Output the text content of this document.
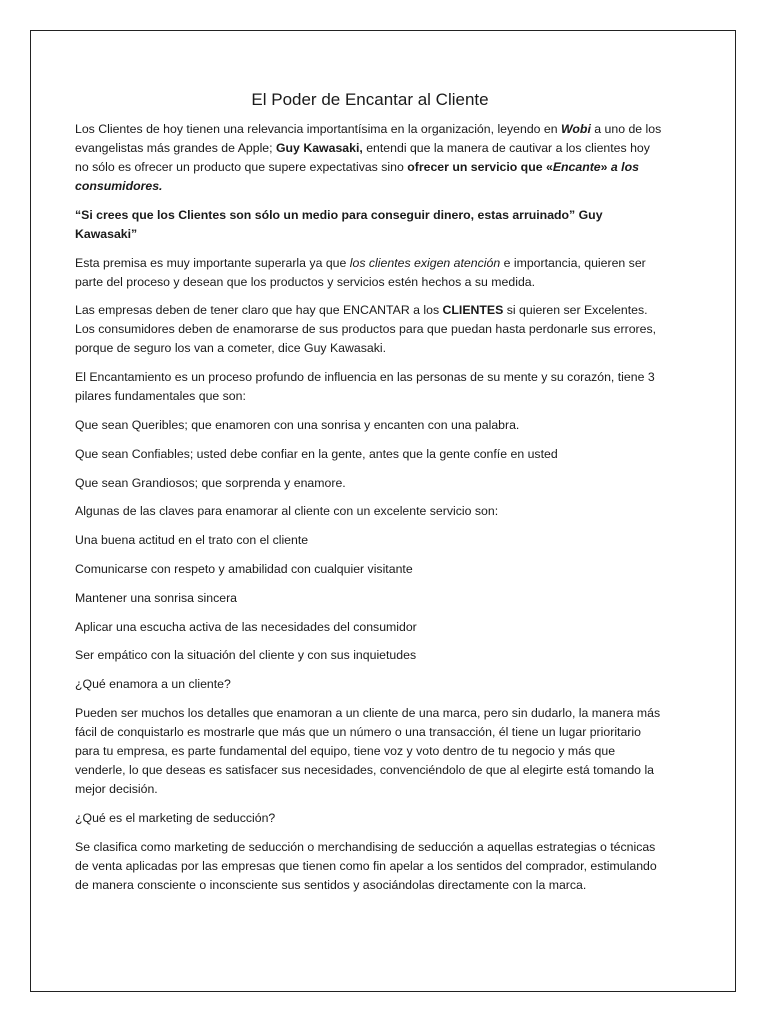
El Poder de Encantar al Cliente

Los Clientes de hoy tienen una relevancia importantísima en la organización, leyendo en Wobi a uno de los evangelistas más grandes de Apple; Guy Kawasaki, entendi que la manera de cautivar a los clientes hoy no sólo es ofrecer un producto que supere expectativas sino ofrecer un servicio que «Encante» a los consumidores.

“Si crees que los Clientes son sólo un medio para conseguir dinero, estas arruinado” Guy Kawasaki”

Esta premisa es muy importante superarla ya que los clientes exigen atención e importancia, quieren ser parte del proceso y desean que los productos y servicios estén hechos a su medida.

Las empresas deben de tener claro que hay que ENCANTAR a los CLIENTES si quieren ser Excelentes. Los consumidores deben de enamorarse de sus productos para que puedan hasta perdonarle sus errores, porque de seguro los van a cometer, dice Guy Kawasaki.

El Encantamiento es un proceso profundo de influencia en las personas de su mente y su corazón, tiene 3 pilares fundamentales que son:

Que sean Queribles; que enamoren con una sonrisa y encanten con una palabra.

Que sean Confiables; usted debe confiar en la gente, antes que la gente confíe en usted

Que sean Grandiosos; que sorprenda y enamore.

Algunas de las claves para enamorar al cliente con un excelente servicio son:

Una buena actitud en el trato con el cliente

Comunicarse con respeto y amabilidad con cualquier visitante

Mantener una sonrisa sincera

Aplicar una escucha activa de las necesidades del consumidor

Ser empático con la situación del cliente y con sus inquietudes

¿Qué enamora a un cliente?

Pueden ser muchos los detalles que enamoran a un cliente de una marca, pero sin dudarlo, la manera más fácil de conquistarlo es mostrarle que más que un número o una transacción, él tiene un lugar prioritario para tu empresa, es parte fundamental del equipo, tiene voz y voto dentro de tu negocio y más que venderle, lo que deseas es satisfacer sus necesidades, convenciéndolo de que al elegirte está tomando la mejor decisión.

¿Qué es el marketing de seducción?

Se clasifica como marketing de seducción o merchandising de seducción a aquellas estrategias o técnicas de venta aplicadas por las empresas que tienen como fin apelar a los sentidos del comprador, estimulando de manera consciente o inconsciente sus sentidos y asociándolas directamente con la marca.
